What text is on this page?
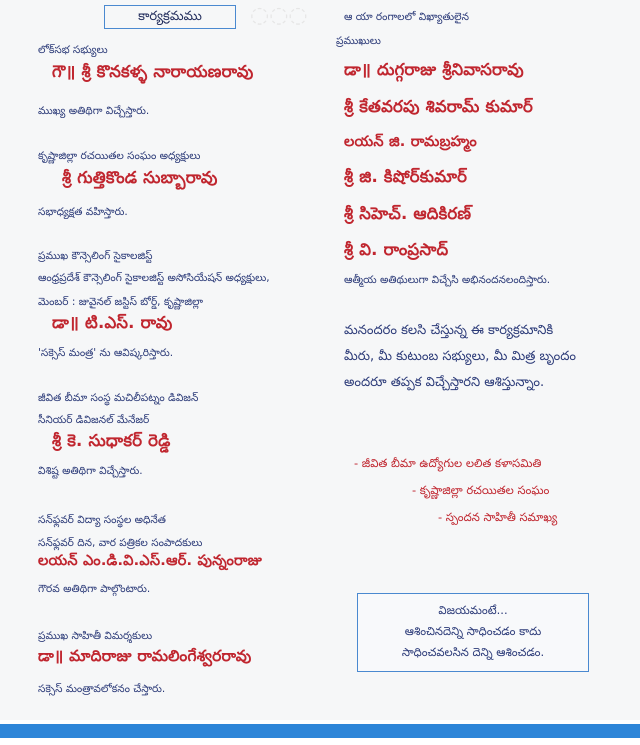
◌◌◌
కార్యక్రమము
లోక్‌సభ సభ్యులు
గౌ॥ శ్రీ కొనకళ్ళ నారాయణరావు
ముఖ్య అతిథిగా విచ్చేస్తారు.
కృష్ణాజిల్లా రచయితల సంఘం అధ్యక్షులు
శ్రీ గుత్తికొండ సుబ్బారావు
సభాధ్యక్షత వహిస్తారు.
ప్రముఖ కౌన్సెలింగ్ సైకాలజిస్ట్
ఆంధ్రప్రదేశ్ కౌన్సెలింగ్ సైకాలజిస్ట్ అసోసియేషన్ అధ్యక్షులు,
మెంబర్ : జువైనల్ జస్టిస్ బోర్డ్, కృష్ణాజిల్లా
డా॥ టి.ఎస్. రావు
'సక్సెస్ మంత్ర' ను ఆవిష్కరిస్తారు.
జీవిత బీమా సంస్థ మచిలీపట్నం డివిజన్
సీనియర్ డివిజనల్ మేనేజర్
శ్రీ కె. సుధాకర్ రెడ్డి
విశిష్ట అతిథిగా విచ్చేస్తారు.
సన్‌ఫ్లవర్ విద్యా సంస్థల అధినేత
సన్‌ఫ్లవర్ దిన, వార పత్రికల సంపాదకులు
లయన్ ఎం.డి.వి.ఎస్.ఆర్. పున్నంరాజు
గౌరవ అతిథిగా పాల్గొంటారు.
ప్రముఖ సాహితీ విమర్శకులు
డా॥ మాదిరాజు రామలింగేశ్వరరావు
సక్సెస్ మంత్రావలోకనం చేస్తారు.
ఆ యా రంగాలలో విఖ్యాతులైన
ప్రముఖులు
డా॥ దుగ్గరాజు శ్రీనివాసరావు
శ్రీ కేతవరపు శివరామ్ కుమార్
లయన్ జి. రామబ్రహ్మం
శ్రీ జి. కిషోర్‌కుమార్
శ్రీ సిహెచ్. ఆదికిరణ్
శ్రీ వి. రాంప్రసాద్
ఆత్మీయ అతిథులుగా విచ్చేసి అభినందనలందిస్తారు.
మనందరం కలసి చేస్తున్న ఈ కార్యక్రమానికి
మీరు, మీ కుటుంబ సభ్యులు, మీ మిత్ర బృందం
అందరూ తప్పక విచ్చేస్తారని ఆశిస్తున్నాం.
- జీవిత బీమా ఉద్యోగుల లలిత కళాసమితి
- కృష్ణాజిల్లా రచయితల సంఘం
- స్పందన సాహితీ సమాఖ్య
విజయమంటే...
ఆశించినదెన్ని సాధించడం కాదు
సాధించవలసిన దెన్ని ఆశించడం.
